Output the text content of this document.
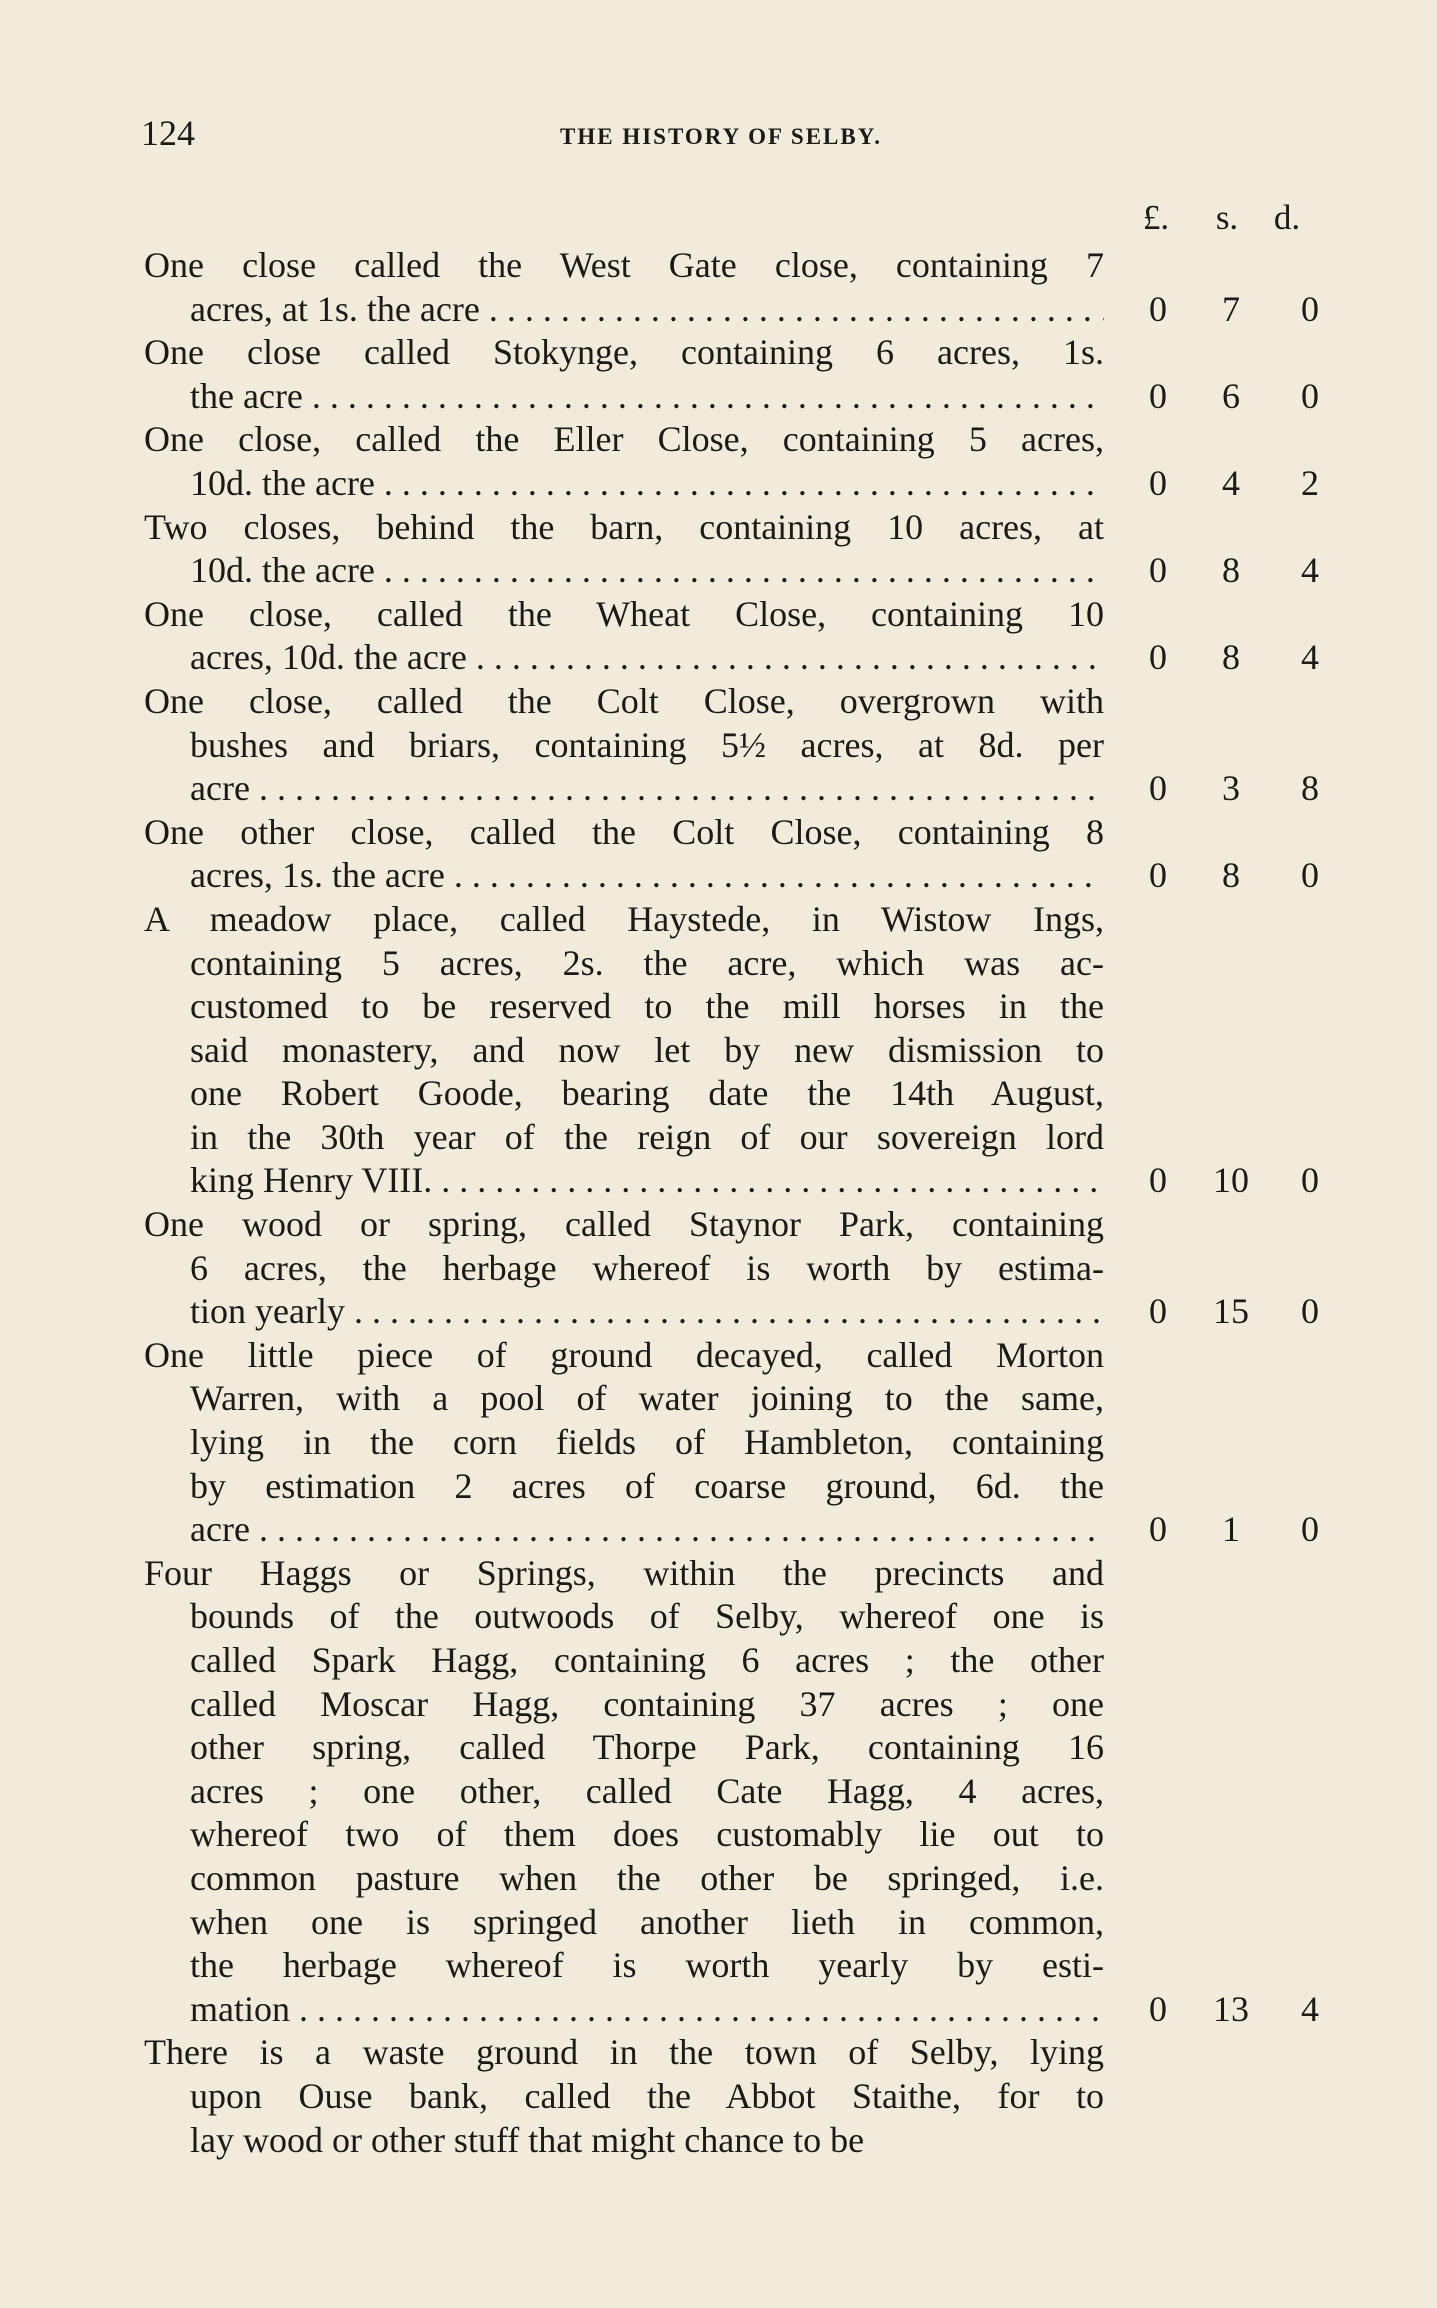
124	THE HISTORY OF SELBY.
£.	s.	d.
One close called the West Gate close, containing 7
acres, at 1s. the acre . . .	0	7	0
One close called Stokynge, containing 6 acres, 1s.
the acre . . .	0	6	0
One close, called the Eller Close, containing 5 acres,
10d. the acre . . .	0	4	2
Two closes, behind the barn, containing 10 acres, at
10d. the acre . . .	0	8	4
One close, called the Wheat Close, containing 10
acres, 10d. the acre . . .	0	8	4
One close, called the Colt Close, overgrown with
bushes and briars, containing 5½ acres, at 8d. per
acre . . .	0	3	8
One other close, called the Colt Close, containing 8
acres, 1s. the acre . . .	0	8	0
A meadow place, called Haystede, in Wistow Ings,
containing 5 acres, 2s. the acre, which was ac-
customed to be reserved to the mill horses in the
said monastery, and now let by new dismission to
one Robert Goode, bearing date the 14th August,
in the 30th year of the reign of our sovereign lord
king Henry VIII. . . .	0	10	0
One wood or spring, called Staynor Park, containing
6 acres, the herbage whereof is worth by estima-
tion yearly . . .	0	15	0
One little piece of ground decayed, called Morton
Warren, with a pool of water joining to the same,
lying in the corn fields of Hambleton, containing
by estimation 2 acres of coarse ground, 6d. the
acre . . .	0	1	0
Four Haggs or Springs, within the precincts and
bounds of the outwoods of Selby, whereof one is
called Spark Hagg, containing 6 acres ; the other
called Moscar Hagg, containing 37 acres ; one
other spring, called Thorpe Park, containing 16
acres ; one other, called Cate Hagg, 4 acres,
whereof two of them does customably lie out to
common pasture when the other be springed, i.e.
when one is springed another lieth in common,
the herbage whereof is worth yearly by esti-
mation . . .	0	13	4
There is a waste ground in the town of Selby, lying
upon Ouse bank, called the Abbot Staithe, for to
lay wood or other stuff that might chance to be
